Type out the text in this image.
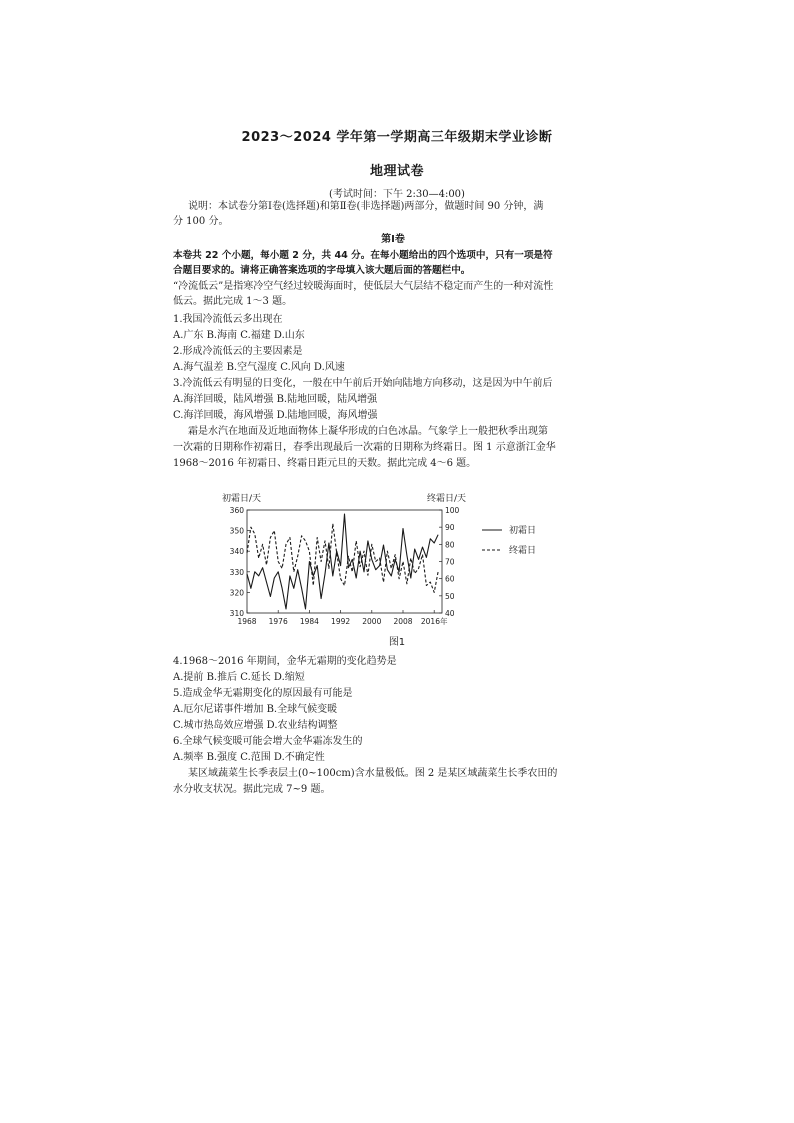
2023～2024 学年第一学期高三年级期末学业诊断
地理试卷
(考试时间：下午 2:30—4:00)
说明：本试卷分第Ⅰ卷(选择题)和第Ⅱ卷(非选择题)两部分，做题时间 90 分钟，满
分 100 分。
第Ⅰ卷
本卷共 22 个小题，每小题 2 分，共 44 分。在每小题给出的四个选项中，只有一项是符
合题目要求的。请将正确答案选项的字母填入该大题后面的答题栏中。
“冷流低云”是指寒冷空气经过较暖海面时，使低层大气层结不稳定而产生的一种对流性
低云。据此完成 1～3 题。
1.我国冷流低云多出现在
A.广东 B.海南 C.福建 D.山东
2.形成冷流低云的主要因素是
A.海气温差 B.空气湿度 C.风向 D.风速
3.冷流低云有明显的日变化，一般在中午前后开始向陆地方向移动，这是因为中午前后
A.海洋回暖，陆风增强 B.陆地回暖，陆风增强
C.海洋回暖，海风增强 D.陆地回暖，海风增强
霜是水汽在地面及近地面物体上凝华形成的白色冰晶。气象学上一般把秋季出现第
一次霜的日期称作初霜日，春季出现最后一次霜的日期称为终霜日。图 1 示意浙江金华
1968～2016 年初霜日、终霜日距元旦的天数。据此完成 4～6 题。
初霜日/天	终霜日/天
310
320
330
340
350
360
40
50
60
70
80
90
100
1968 1976 1984 1992 2000 2008 2016年
初霜日
终霜日
图1
4.1968～2016 年期间，金华无霜期的变化趋势是
A.提前 B.推后 C.延长 D.缩短
5.造成金华无霜期变化的原因最有可能是
A.厄尔尼诺事件增加 B.全球气候变暖
C.城市热岛效应增强 D.农业结构调整
6.全球气候变暖可能会增大金华霜冻发生的
A.频率 B.强度 C.范围 D.不确定性
某区域蔬菜生长季表层土(0~100cm)含水量极低。图 2 是某区域蔬菜生长季农田的
水分收支状况。据此完成 7~9 题。
